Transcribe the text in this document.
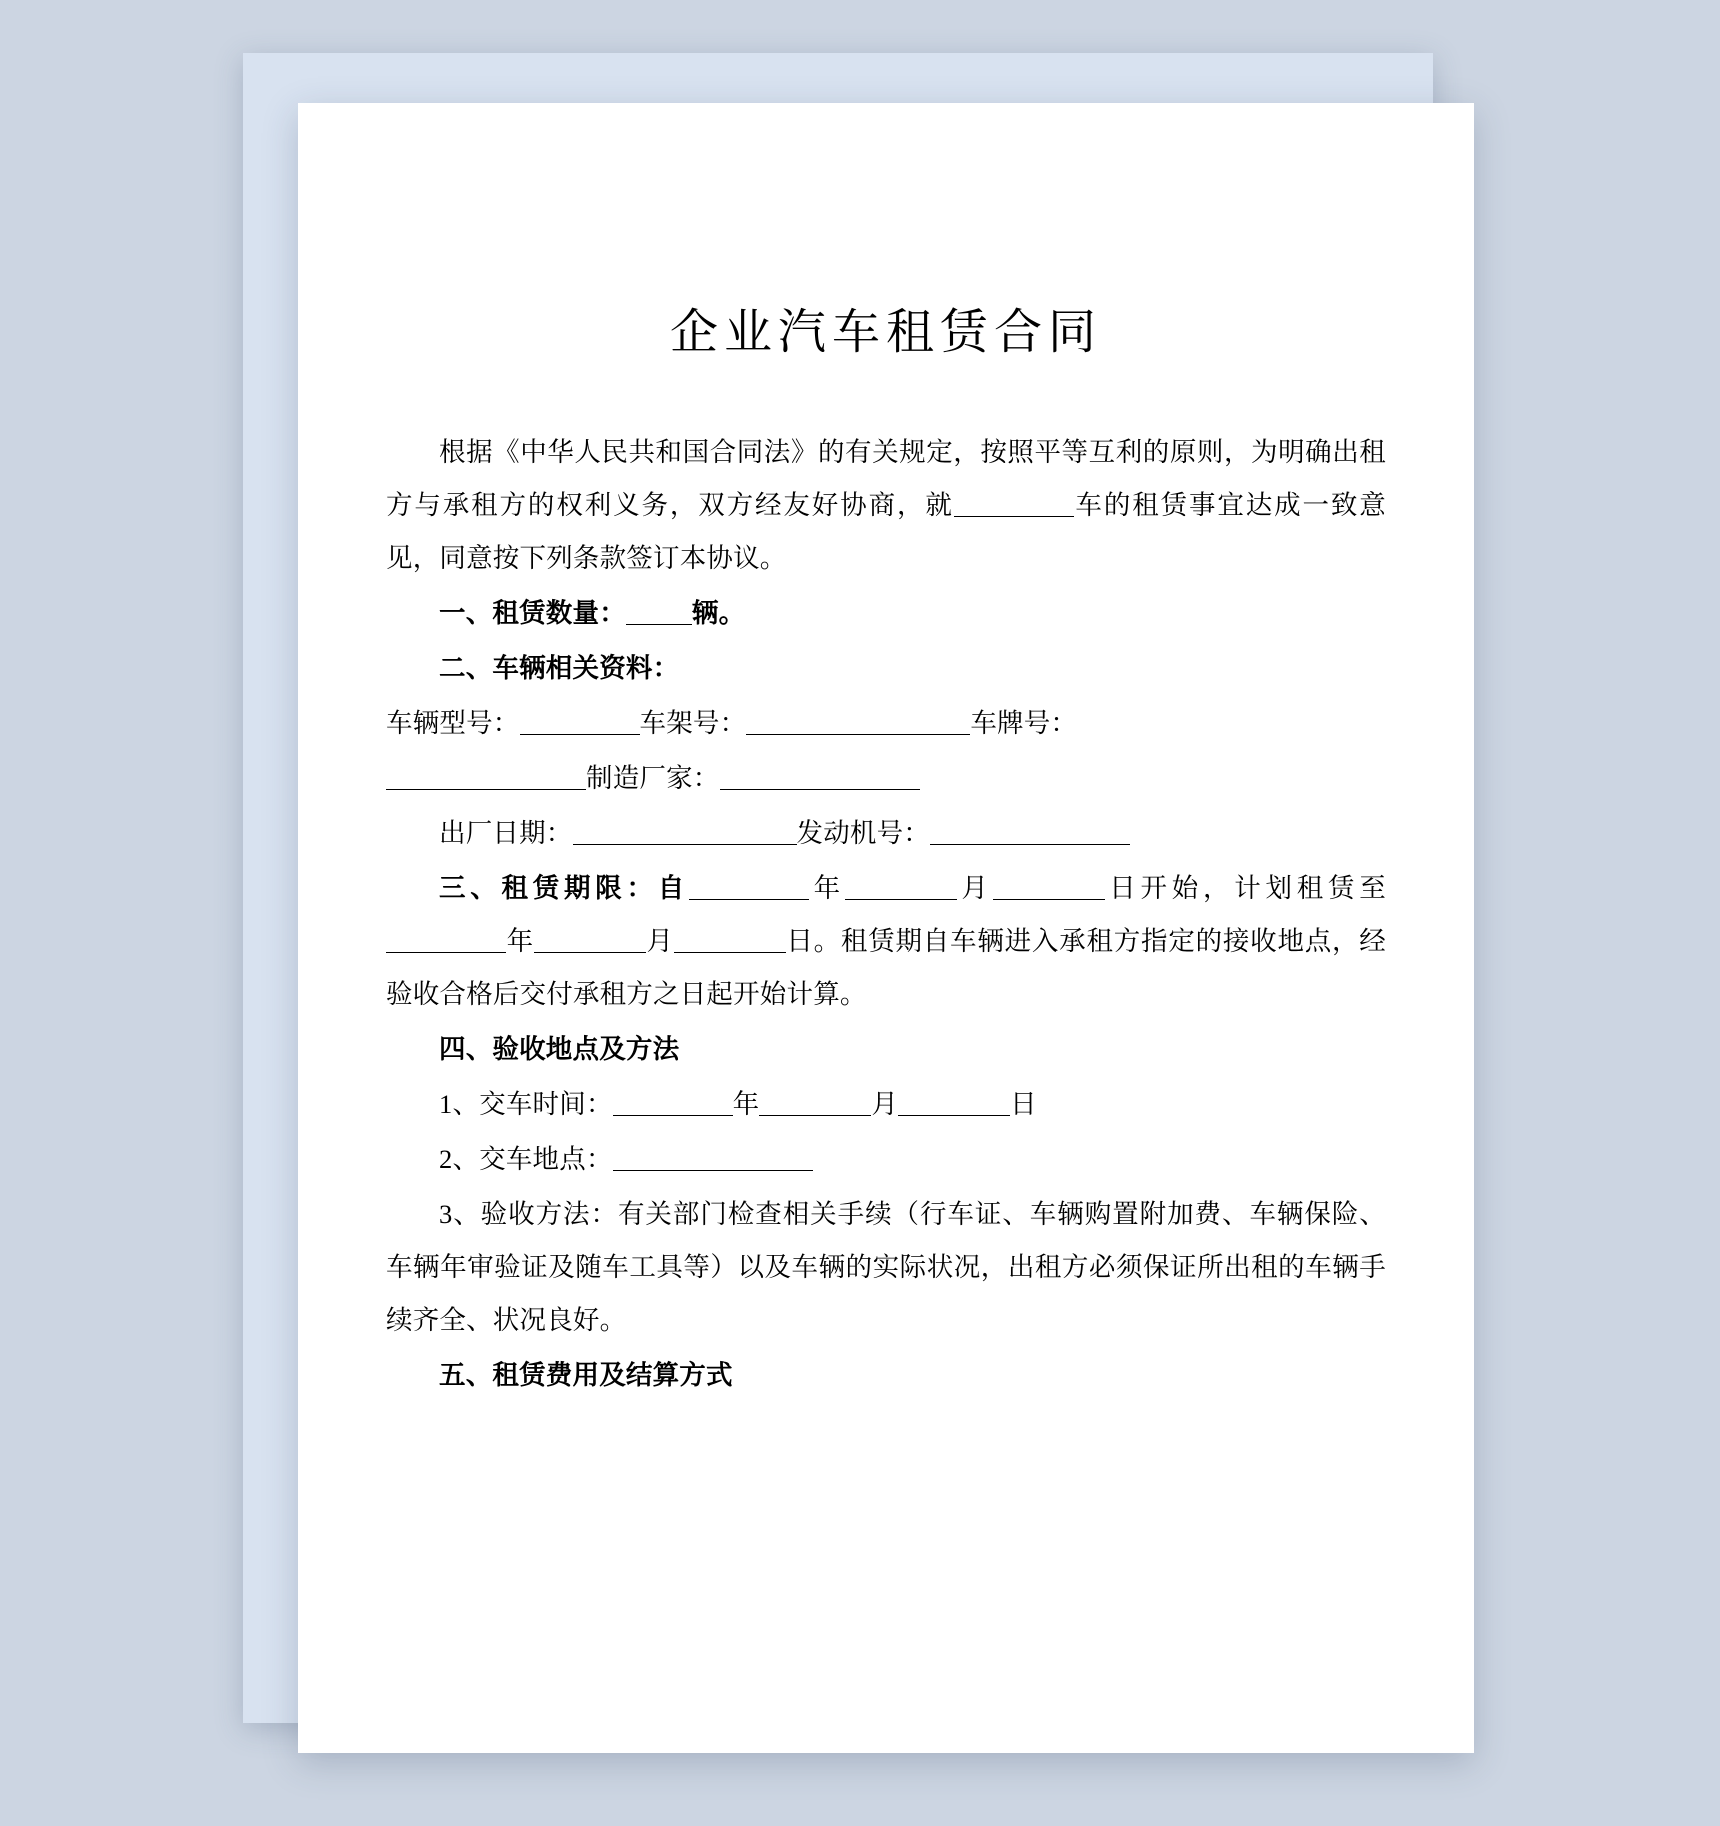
企业汽车租赁合同

根据《中华人民共和国合同法》的有关规定，按照平等互利的原则，为明确出租方与承租方的权利义务，双方经友好协商，就	车的租赁事宜达成一致意见，同意按下列条款签订本协议。

一、租赁数量： 辆。

二、车辆相关资料：

车辆型号：	车架号：	车牌号：

制造厂家：

出厂日期：	发动机号：

三、租赁期限：自	年	月	日开始，计划租赁至年	月	日。租赁期自车辆进入承租方指定的接收地点，经验收合格后交付承租方之日起开始计算。

四、验收地点及方法

1、交车时间：	年	月	日

2、交车地点：

3、验收方法：有关部门检查相关手续（行车证、车辆购置附加费、车辆保险、车辆年审验证及随车工具等）以及车辆的实际状况，出租方必须保证所出租的车辆手续齐全、状况良好。

五、租赁费用及结算方式
